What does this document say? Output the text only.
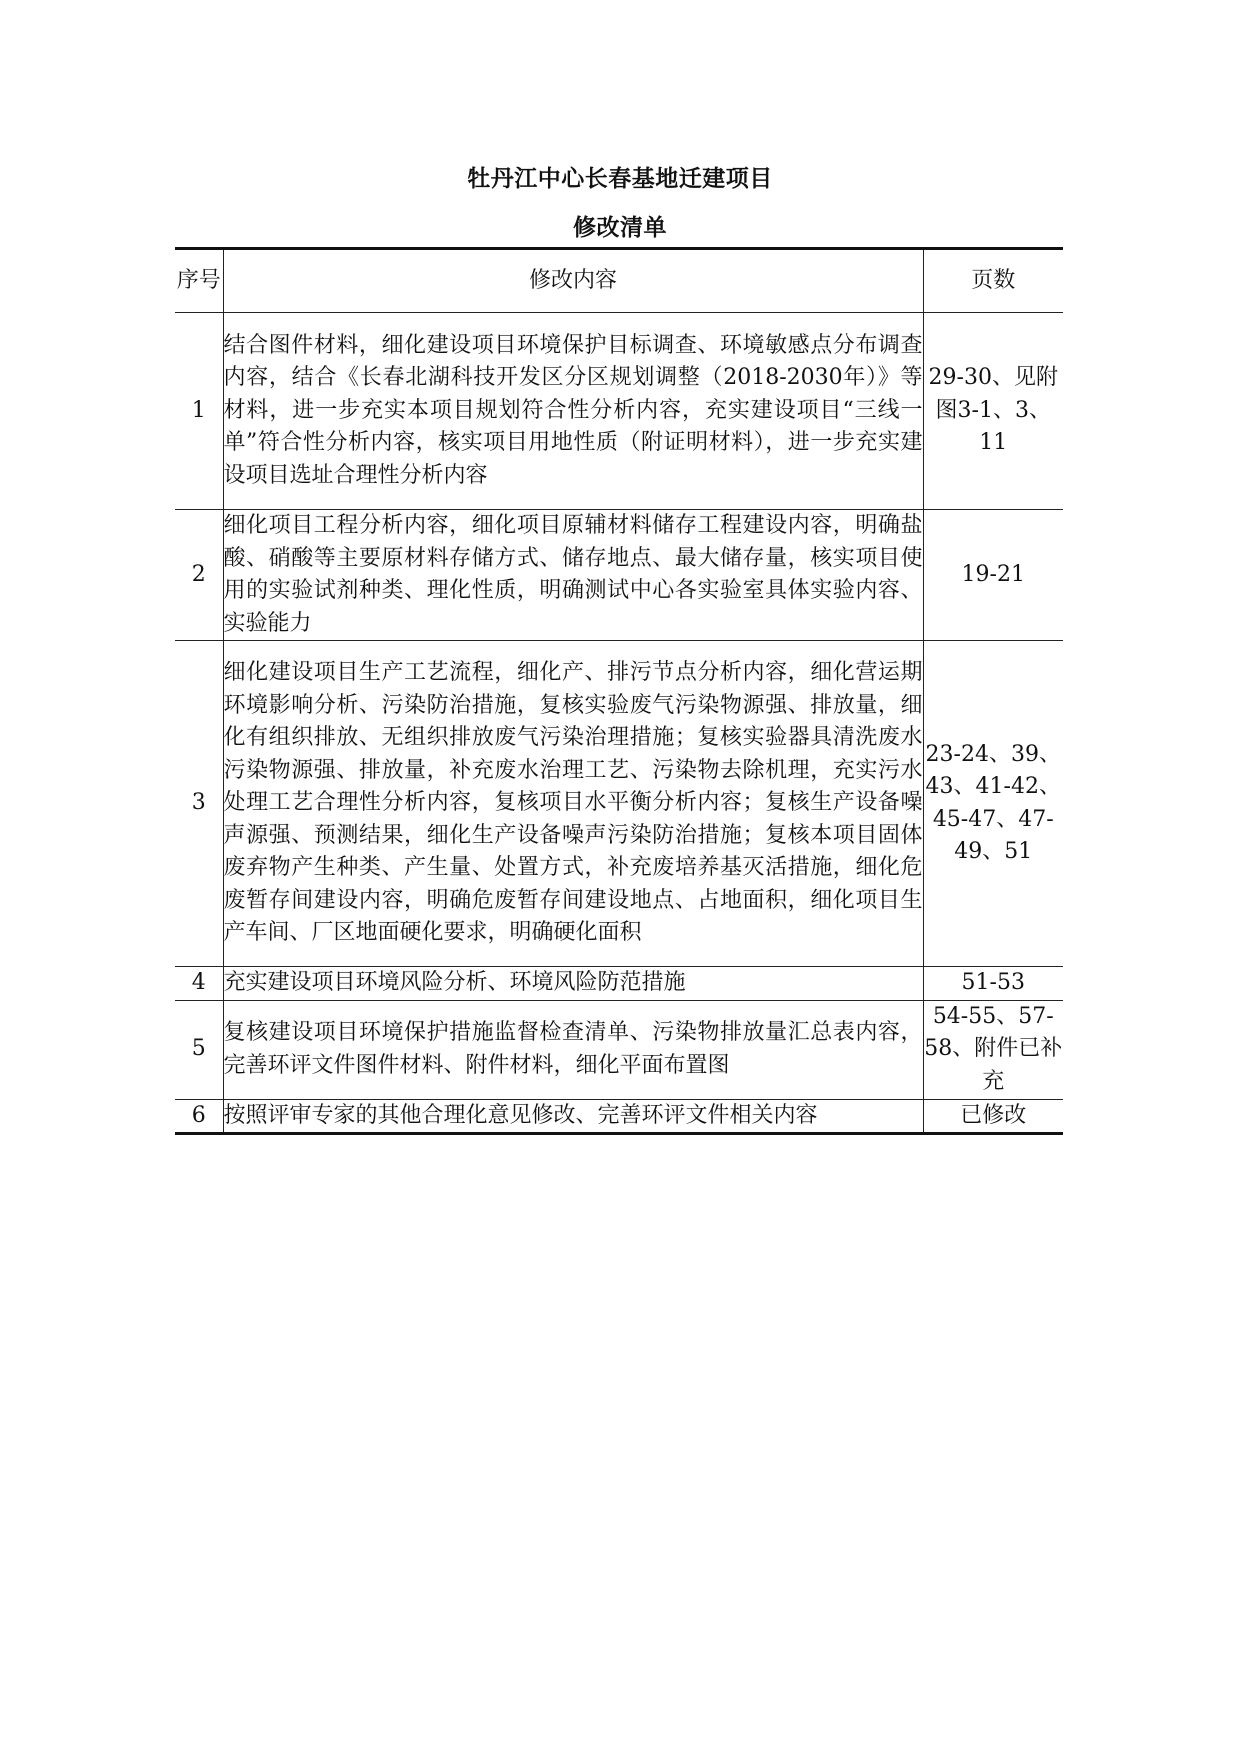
牡丹江中心长春基地迁建项目
修改清单
序号	修改内容	页数
1	结合图件材料，细化建设项目环境保护目标调查、环境敏感点分布调查内容，结合《长春北湖科技开发区分区规划调整（2018-2030年）》等材料，进一步充实本项目规划符合性分析内容，充实建设项目“三线一单”符合性分析内容，核实项目用地性质（附证明材料），进一步充实建设项目选址合理性分析内容	29-30、见附图3-1、3、11
2	细化项目工程分析内容，细化项目原辅材料储存工程建设内容，明确盐酸、硝酸等主要原材料存储方式、储存地点、最大储存量，核实项目使用的实验试剂种类、理化性质，明确测试中心各实验室具体实验内容、实验能力	19-21
3	细化建设项目生产工艺流程，细化产、排污节点分析内容，细化营运期环境影响分析、污染防治措施，复核实验废气污染物源强、排放量，细化有组织排放、无组织排放废气污染治理措施；复核实验器具清洗废水污染物源强、排放量，补充废水治理工艺、污染物去除机理，充实污水处理工艺合理性分析内容，复核项目水平衡分析内容；复核生产设备噪声源强、预测结果，细化生产设备噪声污染防治措施；复核本项目固体废弃物产生种类、产生量、处置方式，补充废培养基灭活措施，细化危废暂存间建设内容，明确危废暂存间建设地点、占地面积，细化项目生产车间、厂区地面硬化要求，明确硬化面积	23-24、39、43、41-42、45-47、47-49、51
4	充实建设项目环境风险分析、环境风险防范措施	51-53
5	复核建设项目环境保护措施监督检查清单、污染物排放量汇总表内容，完善环评文件图件材料、附件材料，细化平面布置图	54-55、57-58、附件已补充
6	按照评审专家的其他合理化意见修改、完善环评文件相关内容	已修改
